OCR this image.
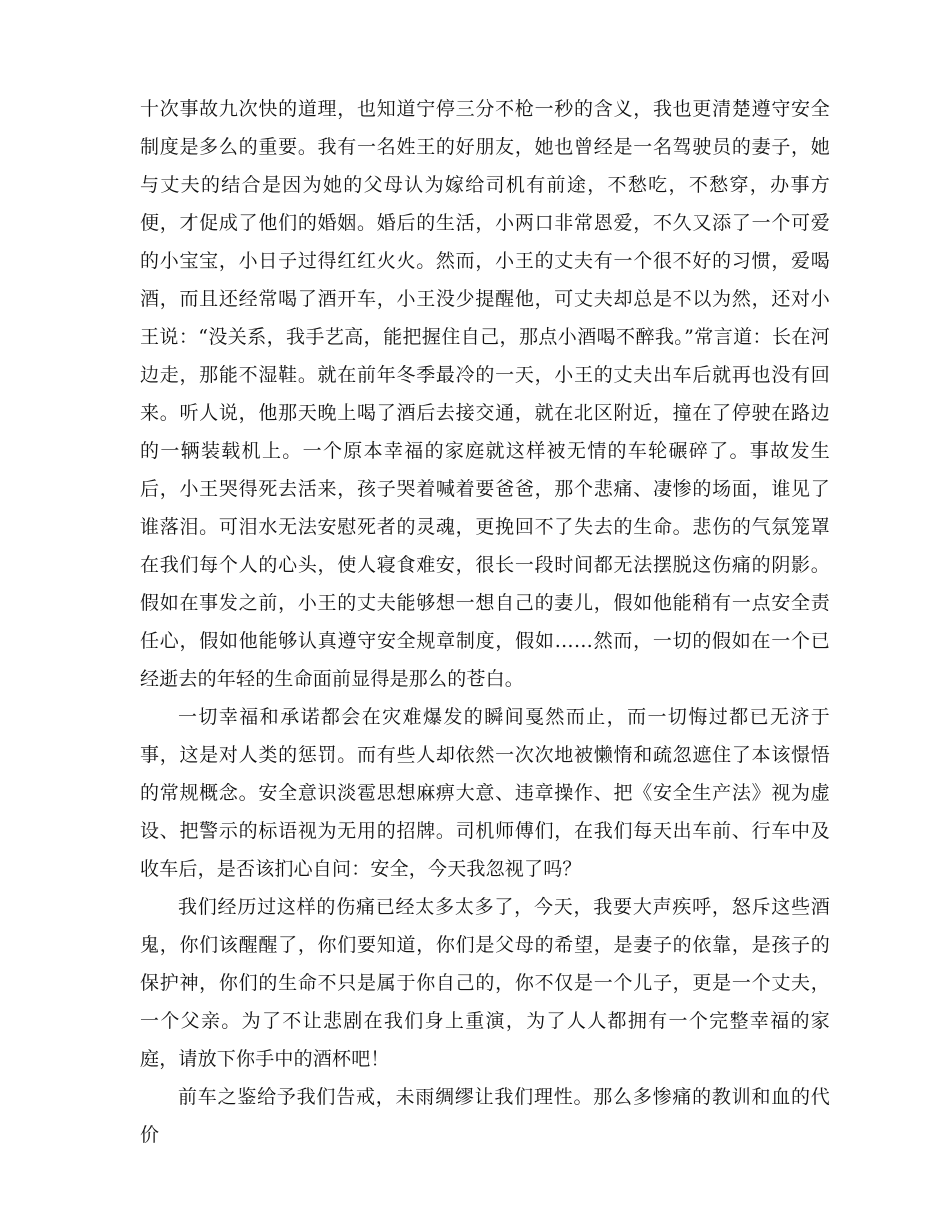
十次事故九次快的道理，也知道宁停三分不枪一秒的含义，我也更清楚遵守安全制度是多么的重要。我有一名姓王的好朋友，她也曾经是一名驾驶员的妻子，她与丈夫的结合是因为她的父母认为嫁给司机有前途，不愁吃，不愁穿，办事方便，才促成了他们的婚姻。婚后的生活，小两口非常恩爱，不久又添了一个可爱的小宝宝，小日子过得红红火火。然而，小王的丈夫有一个很不好的习惯，爱喝酒，而且还经常喝了酒开车，小王没少提醒他，可丈夫却总是不以为然，还对小王说：“没关系，我手艺高，能把握住自己，那点小酒喝不醉我。”常言道：长在河边走，那能不湿鞋。就在前年冬季最冷的一天，小王的丈夫出车后就再也没有回来。听人说，他那天晚上喝了酒后去接交通，就在北区附近，撞在了停驶在路边的一辆装载机上。一个原本幸福的家庭就这样被无情的车轮碾碎了。事故发生后，小王哭得死去活来，孩子哭着喊着要爸爸，那个悲痛、凄惨的场面，谁见了谁落泪。可泪水无法安慰死者的灵魂，更挽回不了失去的生命。悲伤的气氛笼罩在我们每个人的心头，使人寝食难安，很长一段时间都无法摆脱这伤痛的阴影。假如在事发之前，小王的丈夫能够想一想自己的妻儿，假如他能稍有一点安全责任心，假如他能够认真遵守安全规章制度，假如……然而，一切的假如在一个已经逝去的年轻的生命面前显得是那么的苍白。

一切幸福和承诺都会在灾难爆发的瞬间戛然而止，而一切悔过都已无济于事，这是对人类的惩罚。而有些人却依然一次次地被懒惰和疏忽遮住了本该憬悟的常规概念。安全意识淡雹思想麻痹大意、违章操作、把《安全生产法》视为虚设、把警示的标语视为无用的招牌。司机师傅们，在我们每天出车前、行车中及收车后，是否该扪心自问：安全，今天我忽视了吗？

我们经历过这样的伤痛已经太多太多了，今天，我要大声疾呼，怒斥这些酒鬼，你们该醒醒了，你们要知道，你们是父母的希望，是妻子的依靠，是孩子的保护神，你们的生命不只是属于你自己的，你不仅是一个儿子，更是一个丈夫，一个父亲。为了不让悲剧在我们身上重演，为了人人都拥有一个完整幸福的家庭，请放下你手中的酒杯吧！

前车之鉴给予我们告戒，未雨绸缪让我们理性。那么多惨痛的教训和血的代价
